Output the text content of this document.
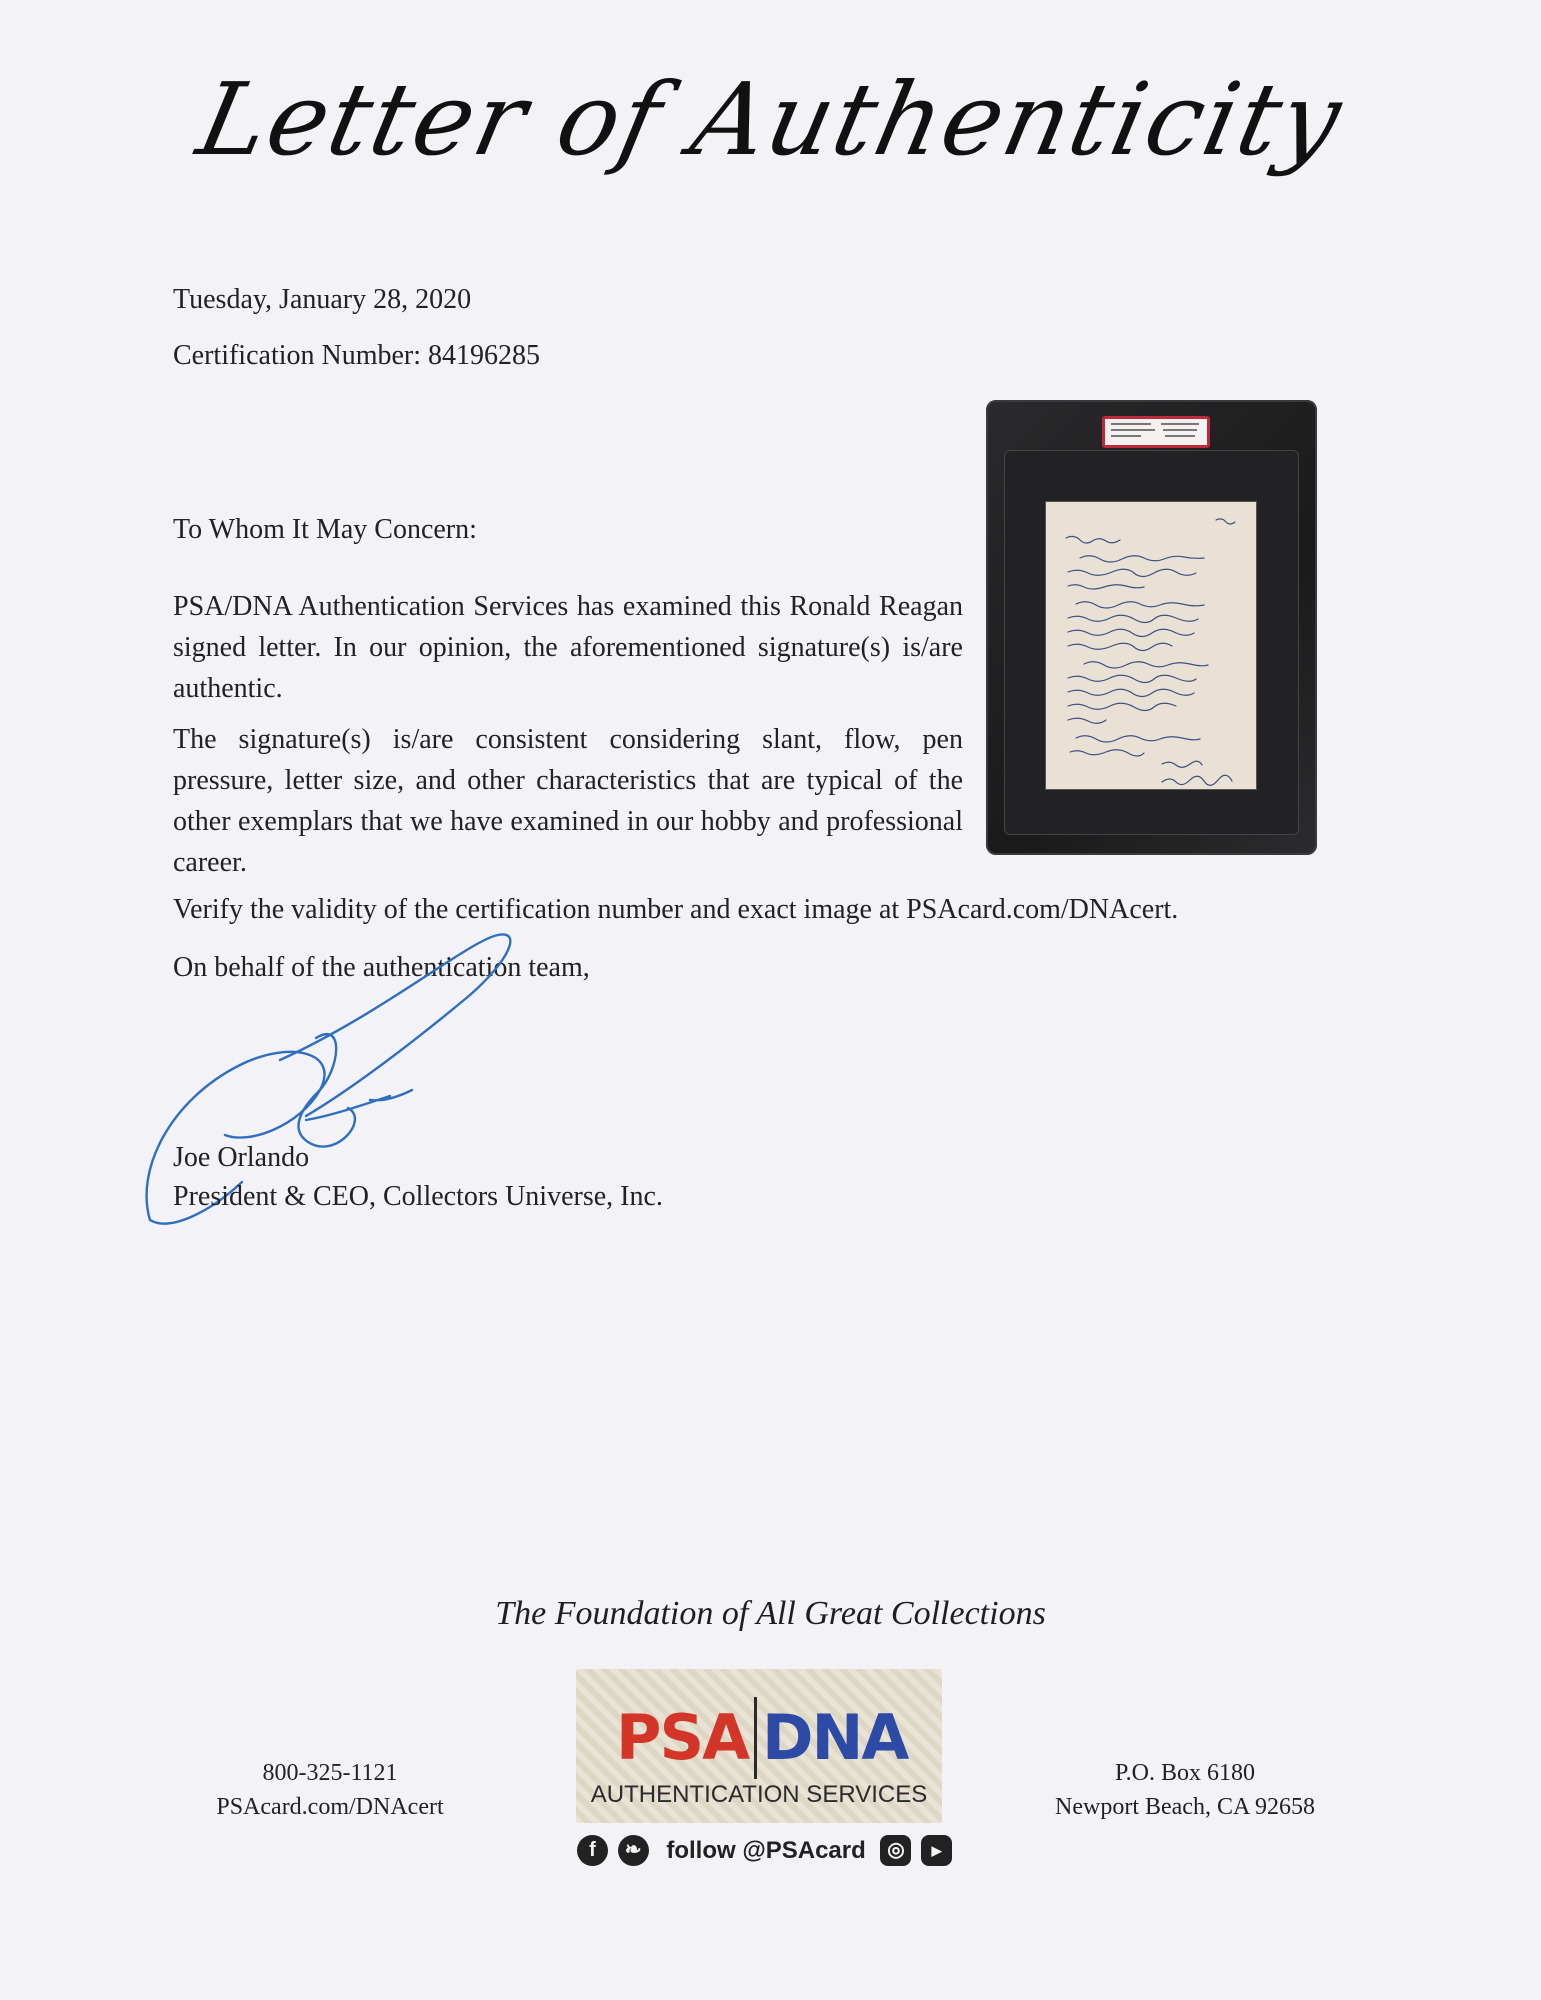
Letter of Authenticity
Tuesday, January 28, 2020
Certification Number: 84196285
To Whom It May Concern:
PSA/DNA Authentication Services has examined this Ronald Reagan signed letter. In our opinion, the aforementioned signature(s) is/are authentic.
The signature(s) is/are consistent considering slant, flow, pen pressure, letter size, and other characteristics that are typical of the other exemplars that we have examined in our hobby and professional career.
Verify the validity of the certification number and exact image at PSAcard.com/DNAcert.
On behalf of the authentication team,
Joe Orlando
President & CEO, Collectors Universe, Inc.
The Foundation of All Great Collections
800-325-1121
PSAcard.com/DNAcert
PSA DNA
AUTHENTICATION SERVICES
f ❧ follow @PSAcard ◎ ▶
P.O. Box 6180
Newport Beach, CA 92658
